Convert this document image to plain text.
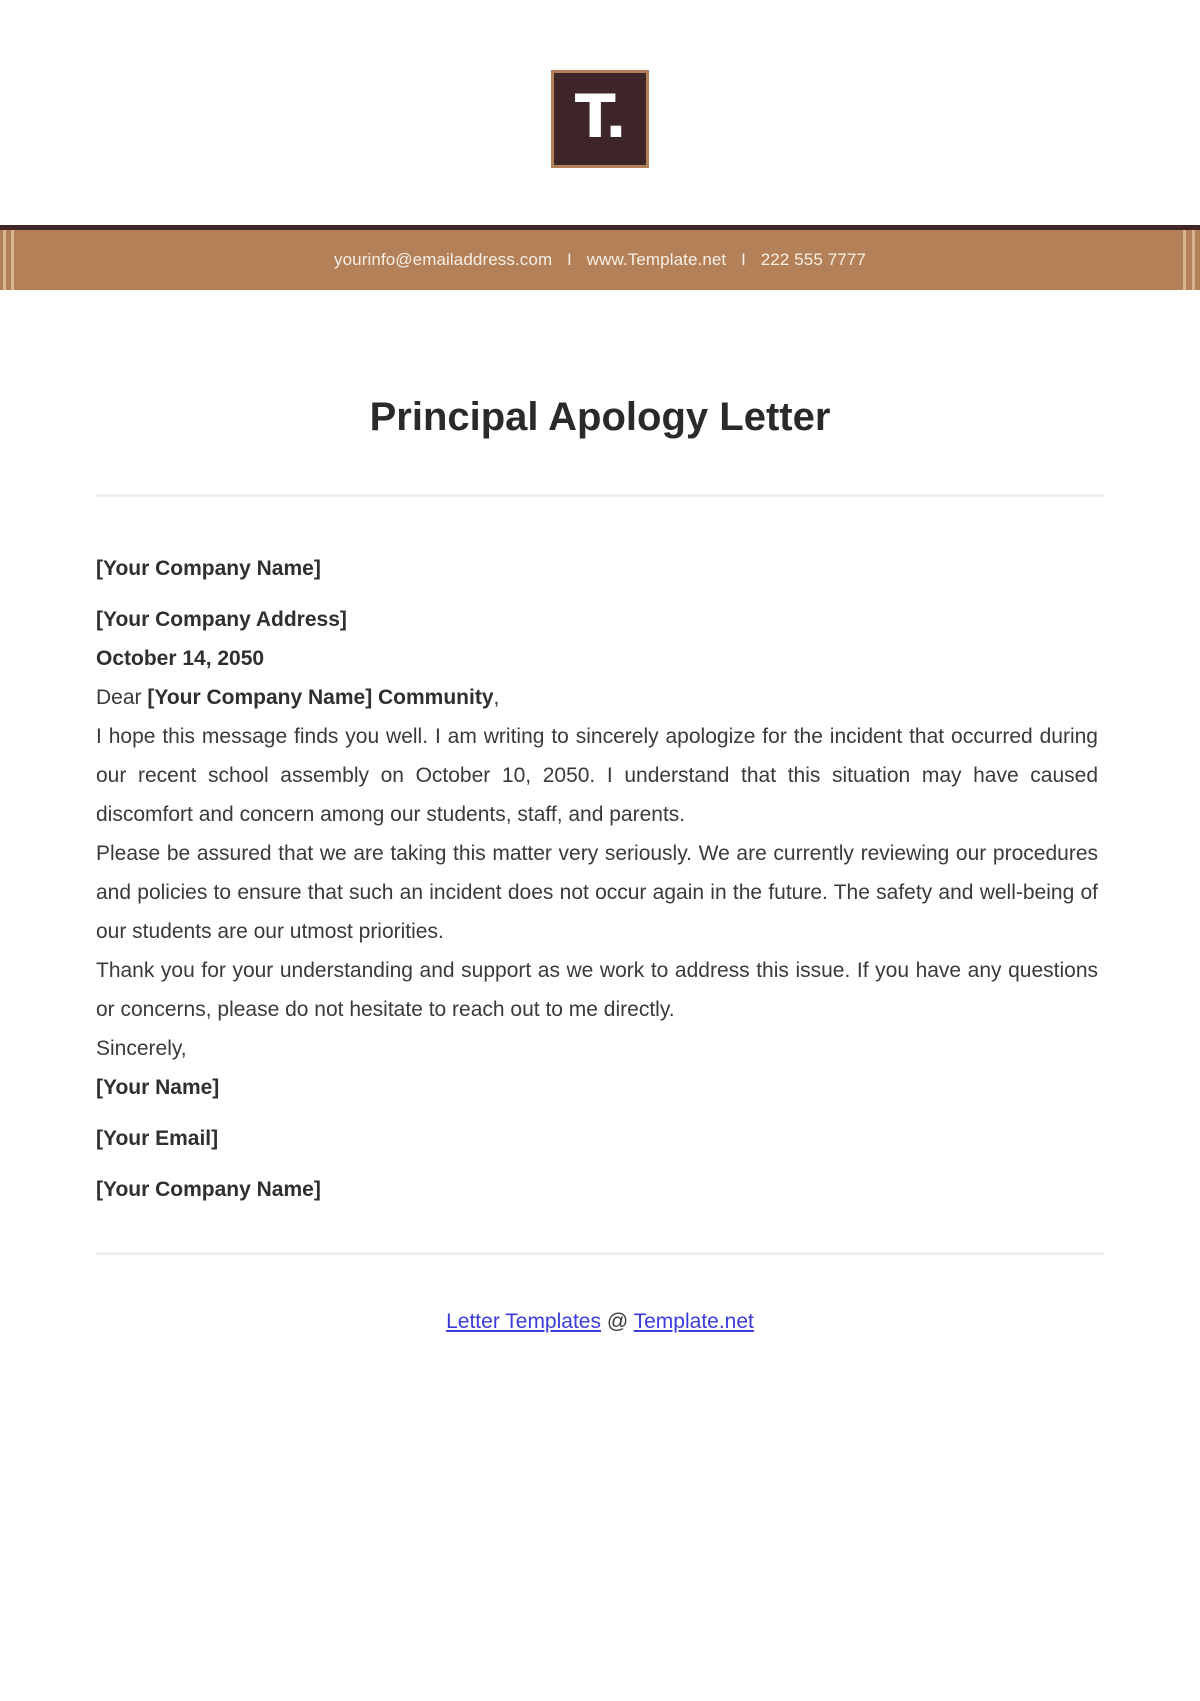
T.
yourinfo@emailaddress.com I www.Template.net I 222 555 7777
Principal Apology Letter

[Your Company Name]

[Your Company Address]

October 14, 2050

Dear [Your Company Name] Community,

I hope this message finds you well. I am writing to sincerely apologize for the incident that occurred during our recent school assembly on October 10, 2050. I understand that this situation may have caused discomfort and concern among our students, staff, and parents.

Please be assured that we are taking this matter very seriously. We are currently reviewing our procedures and policies to ensure that such an incident does not occur again in the future. The safety and well-being of our students are our utmost priorities.

Thank you for your understanding and support as we work to address this issue. If you have any questions or concerns, please do not hesitate to reach out to me directly.

Sincerely,

[Your Name]

[Your Email]

[Your Company Name]

Letter Templates @ Template.net
